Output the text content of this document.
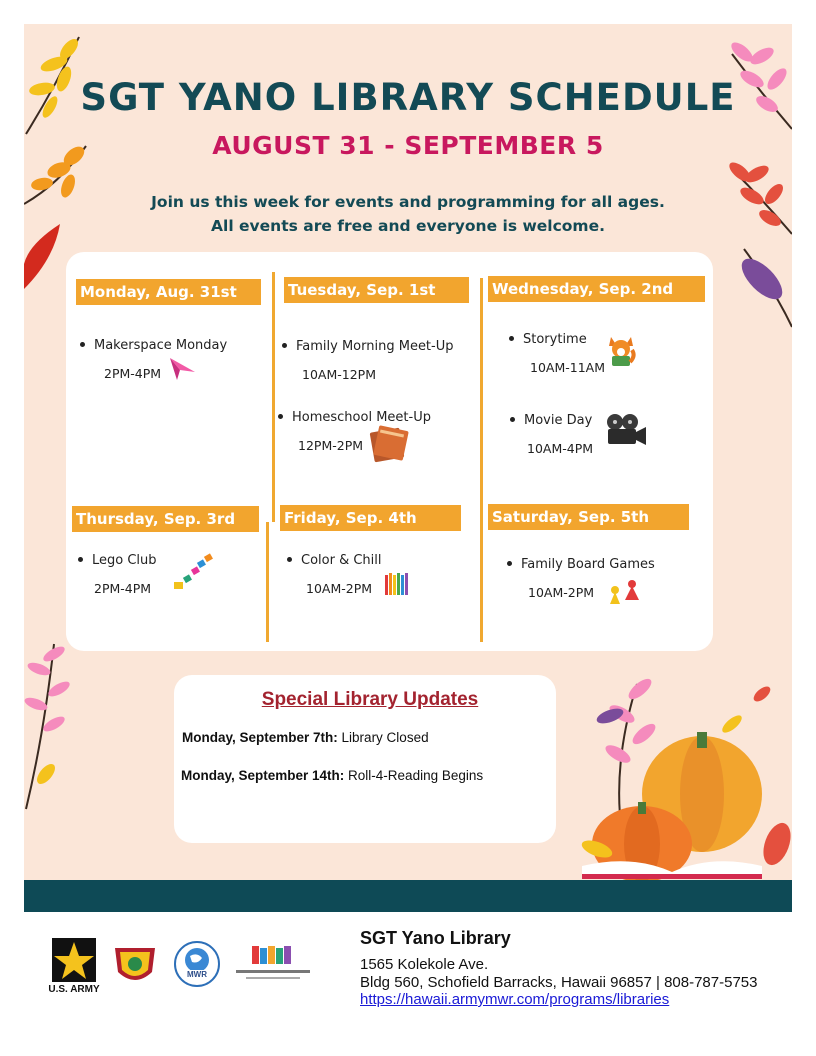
SGT YANO LIBRARY SCHEDULE
AUGUST 31 - SEPTEMBER 5
Join us this week for events and programming for all ages.
All events are free and everyone is welcome.
Monday, Aug. 31st
Makerspace Monday
2PM-4PM
Tuesday, Sep. 1st
Family Morning Meet-Up
10AM-12PM
Homeschool Meet-Up
12PM-2PM
Wednesday, Sep. 2nd
Storytime
10AM-11AM
Movie Day
10AM-4PM
Thursday, Sep. 3rd
Lego Club
2PM-4PM
Friday, Sep. 4th
Color & Chill
10AM-2PM
Saturday, Sep. 5th
Family Board Games
10AM-2PM
Special Library Updates
Monday, September 7th: Library Closed
Monday, September 14th: Roll-4-Reading Begins
U.S. ARMY
MWR
SGT Yano Library
1565 Kolekole Ave.
Bldg 560, Schofield Barracks, Hawaii 96857 | 808-787-5753
https://hawaii.armymwr.com/programs/libraries
